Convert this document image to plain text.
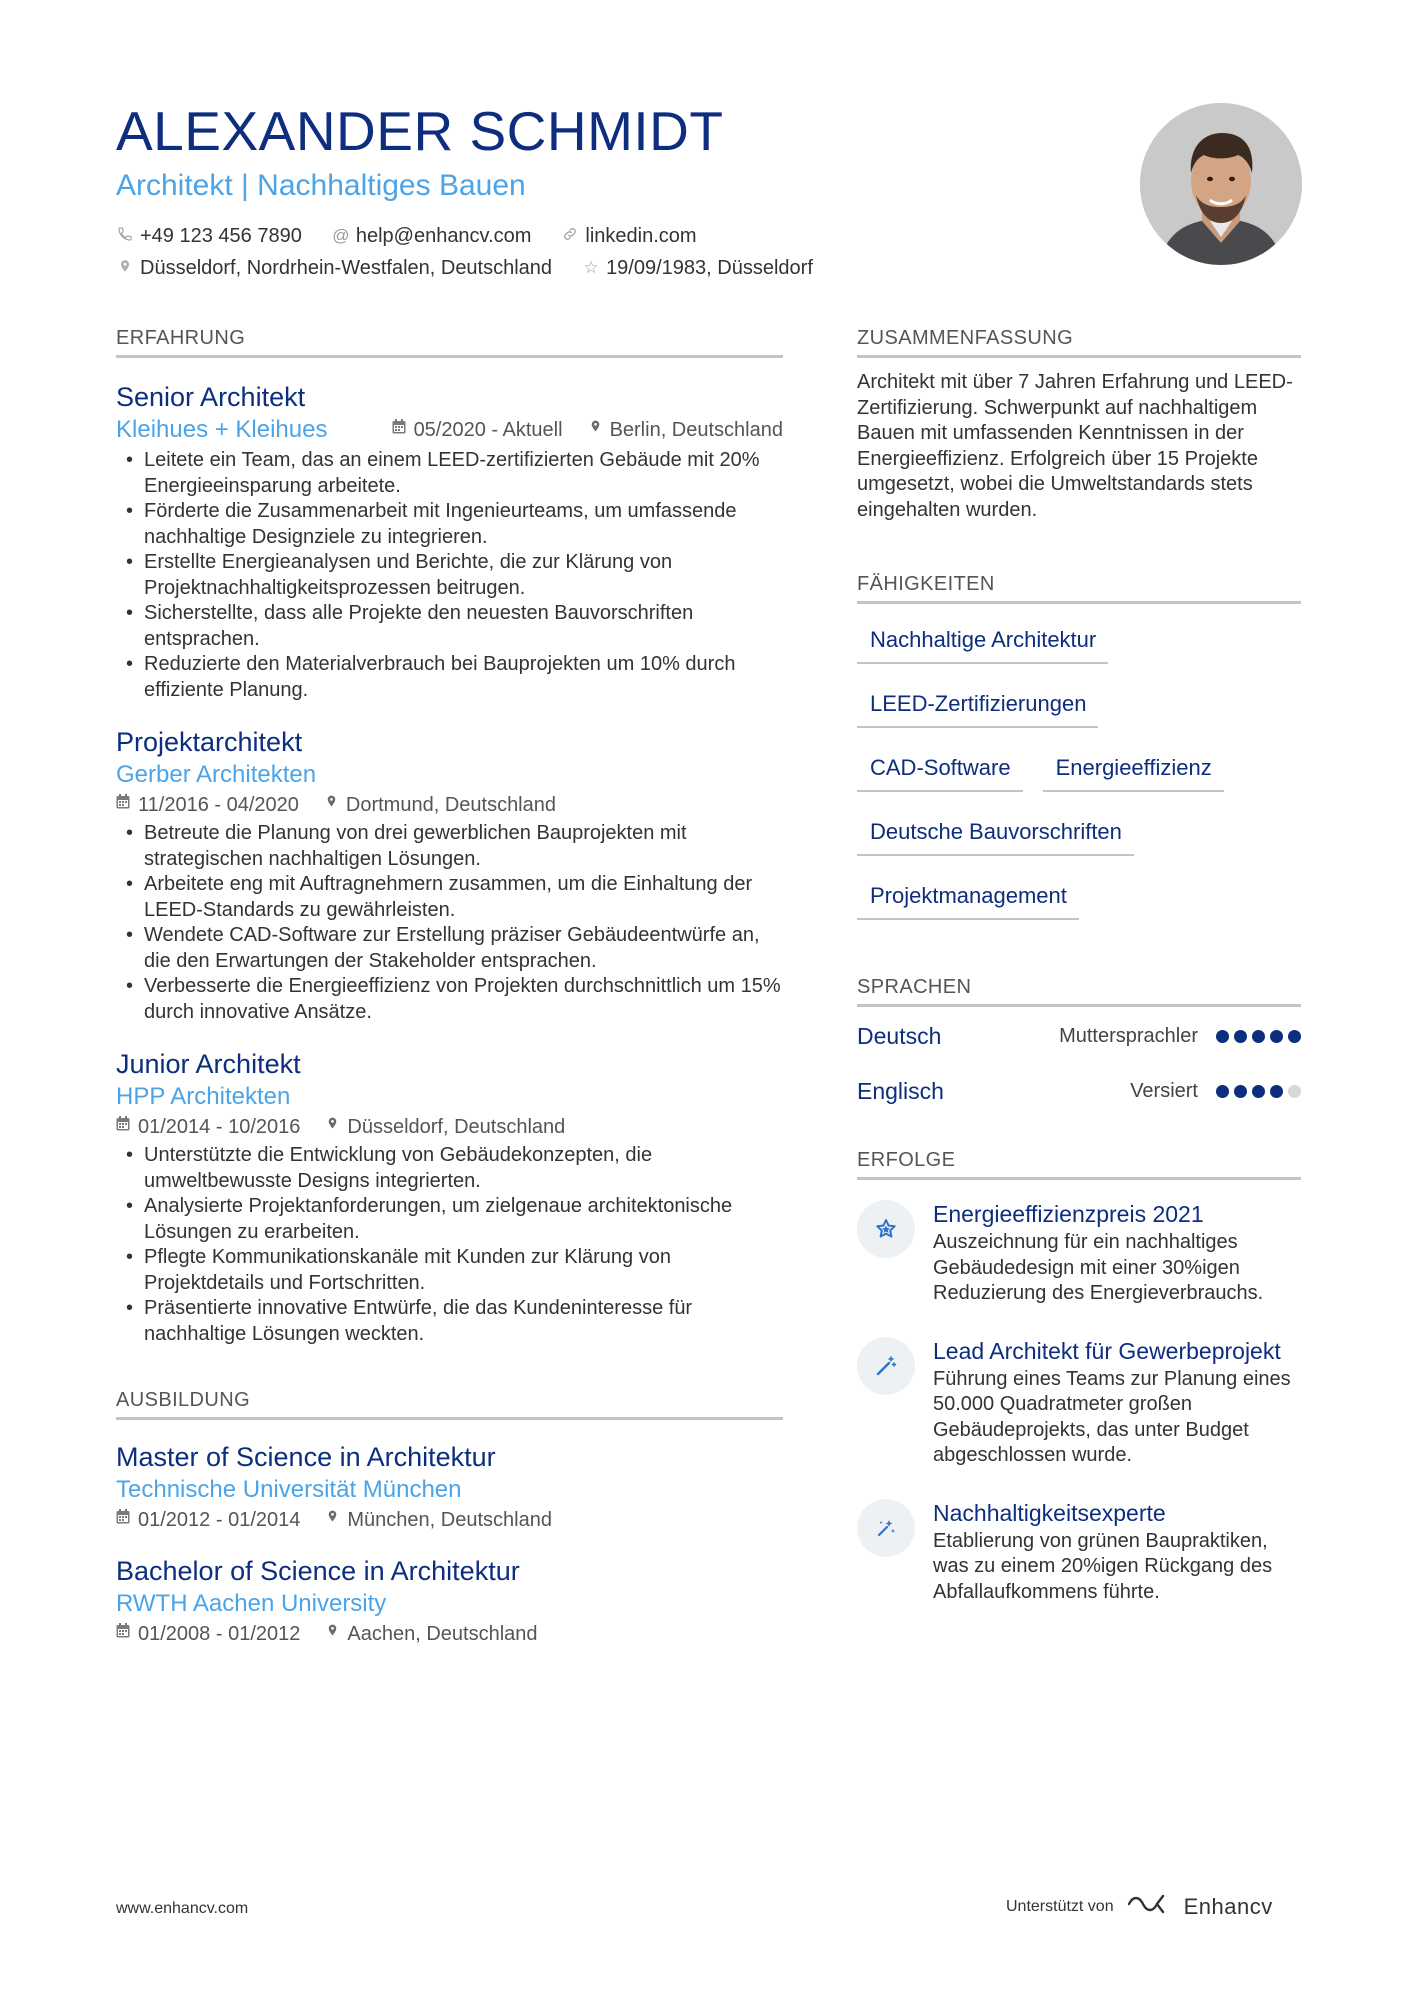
ALEXANDER SCHMIDT
Architekt | Nachhaltiges Bauen
+49 123 456 7890 @ help@enhancv.com	linkedin.com
Düsseldorf, Nordrhein-Westfalen, Deutschland ☆ 19/09/1983, Düsseldorf
ERFAHRUNG
Senior Architekt
Kleihues + Kleihues	05/2020 - Aktuell Berlin, Deutschland
• Leitete ein Team, das an einem LEED-zertifizierten Gebäude mit 20% Energieeinsparung arbeitete.
• Förderte die Zusammenarbeit mit Ingenieurteams, um umfassende nachhaltige Designziele zu integrieren.
• Erstellte Energieanalysen und Berichte, die zur Klärung von Projektnachhaltigkeitsprozessen beitrugen.
• Sicherstellte, dass alle Projekte den neuesten Bauvorschriften entsprachen.
• Reduzierte den Materialverbrauch bei Bauprojekten um 10% durch effiziente Planung.
Projektarchitekt
Gerber Architekten
11/2016 - 04/2020 Dortmund, Deutschland
• Betreute die Planung von drei gewerblichen Bauprojekten mit strategischen nachhaltigen Lösungen.
• Arbeitete eng mit Auftragnehmern zusammen, um die Einhaltung der LEED-Standards zu gewährleisten.
• Wendete CAD-Software zur Erstellung präziser Gebäudeentwürfe an, die den Erwartungen der Stakeholder entsprachen.
• Verbesserte die Energieeffizienz von Projekten durchschnittlich um 15% durch innovative Ansätze.
Junior Architekt
HPP Architekten
01/2014 - 10/2016 Düsseldorf, Deutschland
• Unterstützte die Entwicklung von Gebäudekonzepten, die umweltbewusste Designs integrierten.
• Analysierte Projektanforderungen, um zielgenaue architektonische Lösungen zu erarbeiten.
• Pflegte Kommunikationskanäle mit Kunden zur Klärung von Projektdetails und Fortschritten.
• Präsentierte innovative Entwürfe, die das Kundeninteresse für nachhaltige Lösungen weckten.
AUSBILDUNG
Master of Science in Architektur
Technische Universität München
01/2012 - 01/2014 München, Deutschland
Bachelor of Science in Architektur
RWTH Aachen University
01/2008 - 01/2012 Aachen, Deutschland
ZUSAMMENFASSUNG

Architekt mit über 7 Jahren Erfahrung und LEED-Zertifizierung. Schwerpunkt auf nachhaltigem Bauen mit umfassenden Kenntnissen in der Energieeffizienz. Erfolgreich über 15 Projekte umgesetzt, wobei die Umweltstandards stets eingehalten wurden.

FÄHIGKEITEN
Nachhaltige Architektur
LEED-Zertifizierungen
CAD-Software	Energieeffizienz
Deutsche Bauvorschriften
Projektmanagement
SPRACHEN
Deutsch	Muttersprachler
Englisch	Versiert
ERFOLGE
Energieeffizienzpreis 2021
Auszeichnung für ein nachhaltiges Gebäudedesign mit einer 30%igen Reduzierung des Energieverbrauchs.
Lead Architekt für Gewerbeprojekt
Führung eines Teams zur Planung eines 50.000 Quadratmeter großen Gebäudeprojekts, das unter Budget abgeschlossen wurde.
Nachhaltigkeitsexperte
Etablierung von grünen Baupraktiken, was zu einem 20%igen Rückgang des Abfallaufkommens führte.
www.enhancv.com	Unterstützt von	Enhancv
